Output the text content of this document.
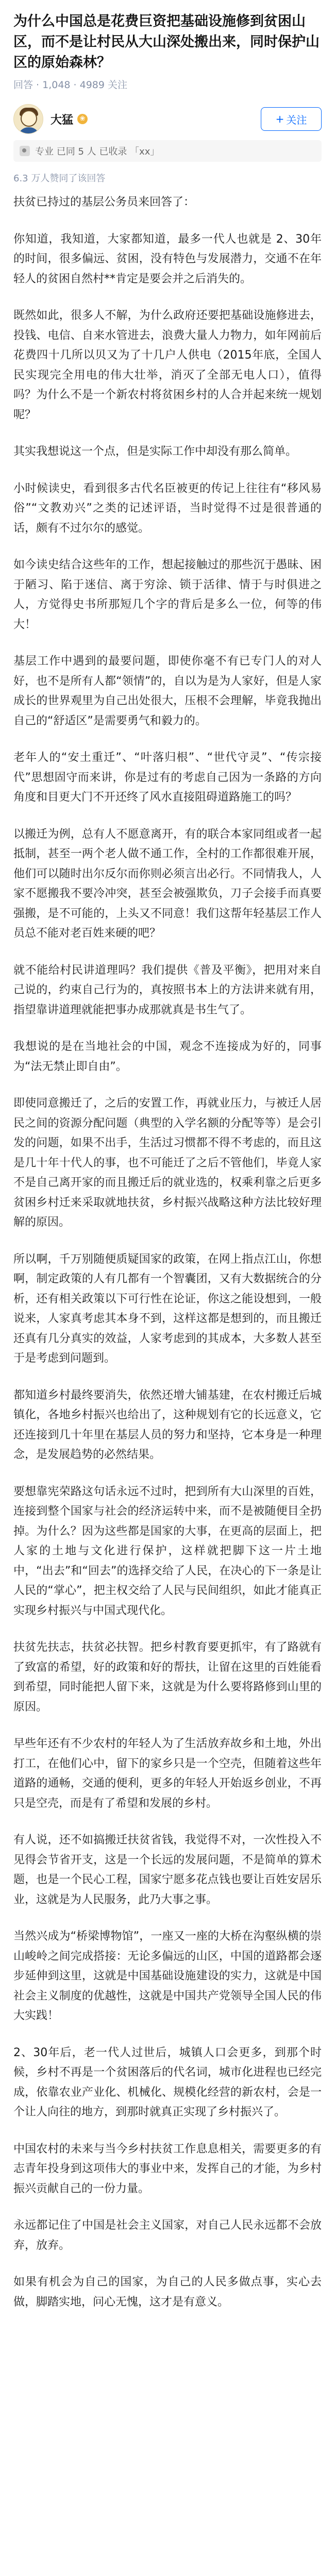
为什么中国总是花费巨资把基础设施修到贫困山区，而不是让村民从大山深处搬出来，同时保护山区的原始森林？
回答 · 1,048 · 4989 关注
大猛 ❀	+ 关注
专业 已同 5 人 已收录 「xx」
6.3 万人赞同了该回答

扶贫已持过的基层公务员来回答了：

你知道，我知道，大家都知道，最多一代人也就是 2、30年的时间，很多偏远、贫困，没有特色与发展潜力，交通不在年轻人的贫困自然村**肯定是要会并之后消失的。

既然如此，很多人不解，为什么政府还要把基础设施修进去，投钱、电信、自来水管进去，浪费大量人力物力，如年网前后花费四十几所以贝又为了十几户人供电（2015年底，全国人民实现完全用电的伟大壮举，消灭了全部无电人口），值得吗？为什么不是一个新农村将贫困乡村的人合并起来统一规划呢？

其实我想说这一个点，但是实际工作中却没有那么简单。

小时候读史，看到很多古代名臣被更的传记上往往有“移风易俗”“文教劝兴”之类的记述评语，当时觉得不过是很普通的话，颇有不过尔尔的感觉。

如今读史结合这些年的工作，想起接触过的那些沉于愚昧、困于陋习、陷于迷信、离于穷涂、锁于活律、情于与时俱进之人，方觉得史书所那短几个字的背后是多么一位，何等的伟大！

基层工作中遇到的最要问题，即使你毫不有已专门人的对人好，也不是所有人都“领情”的，自以为是为人家好，但是人家成长的世界观里为自己出处很大，压根不会理解，毕竟我抛出自己的“舒适区”是需要勇气和毅力的。

老年人的“安土重迁”、“叶落归根”、“世代守灵”、“传宗接代”思想固守而来讲，你是过有的考虑自己因为一条路的方向角度和目更大门不开还终了风水直接阻碍道路施工的吗？

以搬迁为例，总有人不愿意离开，有的联合本家同组或者一起抵制，甚至一两个老人做不通工作，全村的工作都很难开展，他们可以随时出尔反尔而你则必须言出必行。不同情我人，人家不愿搬我不要冷冲突，甚至会被强欺负，刀子会接手而真要强搬，是不可能的，上头又不同意！我们这帮年轻基层工作人员总不能对老百姓来硬的吧？

就不能给村民讲道理吗？我们提供《普及平衡》，把用对来自己说的，约束自己行为的，真按照书本上的方法讲来就有用，指望靠讲道理就能把事办成那就真是书生气了。

我想说的是在当地社会的中国，观念不连接成为好的，同事为“法无禁止即自由”。

即使同意搬迁了，之后的安置工作，再就业压力，与被迁人居民之间的资源分配问题（典型的入学名额的分配等等）是会引发的问题，如果不出手，生活过习惯都不得不考虑的，而且这是几十年十代人的事，也不可能迁了之后不管他们，毕竟人家不是自己离开家的而且搬迁后的就业选的，权乘利靠之后更多贫困乡村迁来采取就地扶贫，乡村振兴战略这种方法比较好理解的原因。

所以啊，千万别随便质疑国家的政策，在网上指点江山，你想啊，制定政策的人有几都有一个智囊团，又有大数据统合的分析，还有相关政策以下可行性在论证，你这之能设想到，一般说来，人家真考虑其本身不到，这样这都是想到的，而且搬迁还真有几分真实的效益，人家考虑到的其成本，大多数人甚至于是考虑到问题到。

都知道乡村最终要消失，依然还增大铺基建，在农村搬迁后城镇化，各地乡村振兴也给出了，这种规划有它的长远意义，它还连接到几十年里在基层人员的努力和坚持，它本身是一种理念，是发展趋势的必然结果。

要想靠宪荣路这句话永远不过时，把到所有大山深里的百姓，连接到整个国家与社会的经济运转中来，而不是被随便目全扔掉。为什么？因为这些都是国家的大事，在更高的层面上，把人家的土地与文化进行保护，这样就把脚下这一片土地中，“出去”和“回去”的选择交给了人民，在决心的下一条是让人民的“掌心”，把主权交给了人民与民间组织，如此才能真正实现乡村振兴与中国式现代化。

扶贫先扶志，扶贫必扶智。把乡村教育要更抓牢，有了路就有了致富的希望，好的政策和好的帮扶，让留在这里的百姓能看到希望，同时能把人留下来，这就是为什么要将路修到山里的原因。

早些年还有不少农村的年轻人为了生活放弃故乡和土地，外出打工，在他们心中，留下的家乡只是一个空壳，但随着这些年道路的通畅，交通的便利，更多的年轻人开始返乡创业，不再只是空壳，而是有了希望和发展的乡村。

有人说，还不如搞搬迁扶贫省钱，我觉得不对，一次性投入不见得会节省开支，这是一个长远的发展问题，不是简单的算术题，也是一个民心工程，国家宁愿多花点钱也要让百姓安居乐业，这就是为人民服务，此乃大事之事。

当然兴成为“桥梁博物馆”，一座又一座的大桥在沟壑纵横的崇山峻岭之间完成搭接：无论多偏远的山区，中国的道路都会逐步延伸到这里，这就是中国基础设施建设的实力，这就是中国社会主义制度的优越性，这就是中国共产党领导全国人民的伟大实践！

2、30年后，老一代人过世后，城镇人口会更多，到那个时候，乡村不再是一个贫困落后的代名词，城市化进程也已经完成，依靠农业产业化、机械化、规模化经营的新农村，会是一个让人向往的地方，到那时就真正实现了乡村振兴了。

中国农村的未来与当今乡村扶贫工作息息相关，需要更多的有志青年投身到这项伟大的事业中来，发挥自己的才能，为乡村振兴贡献自己的一份力量。

永远都记住了中国是社会主义国家，对自己人民永远都不会放弃，放弃。

如果有机会为自己的国家，为自己的人民多做点事，实心去做，脚踏实地，问心无愧，这才是有意义。
